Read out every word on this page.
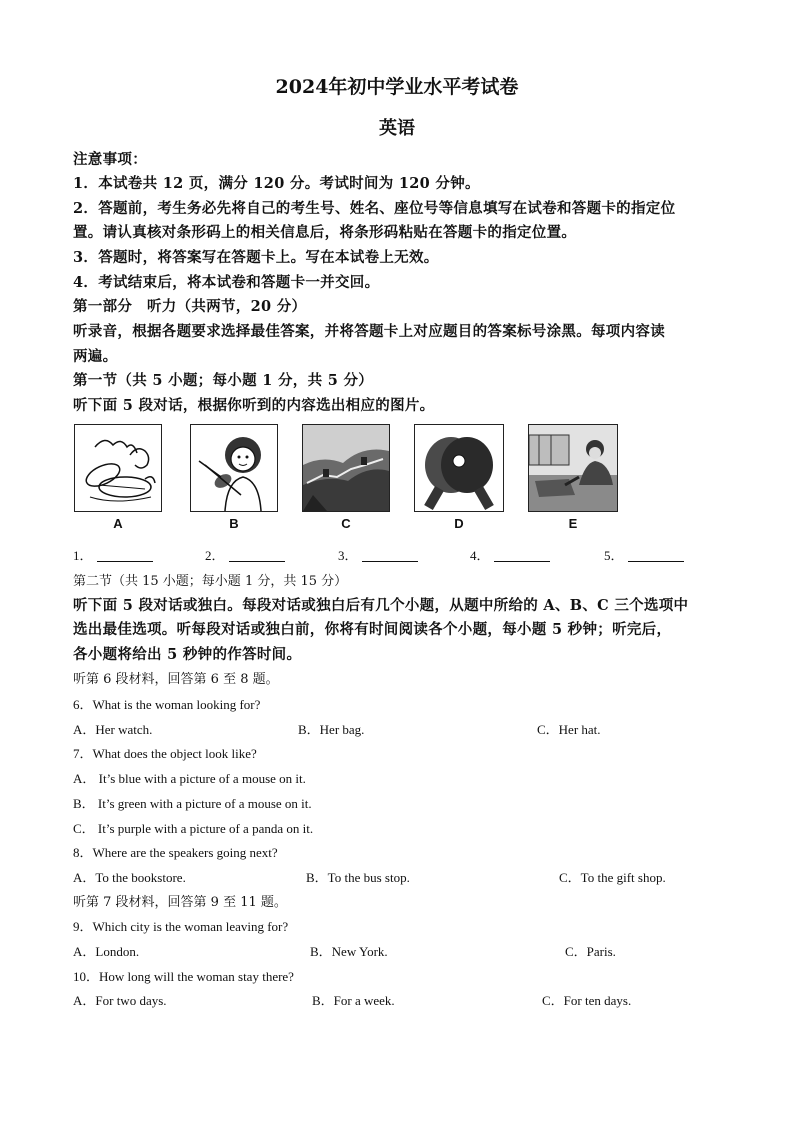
2024年初中学业水平考试卷
英语
注意事项：
1．本试卷共 12 页，满分 120 分。考试时间为 120 分钟。
2．答题前，考生务必先将自己的考生号、姓名、座位号等信息填写在试卷和答题卡的指定位
置。请认真核对条形码上的相关信息后，将条形码粘贴在答题卡的指定位置。
3．答题时，将答案写在答题卡上。写在本试卷上无效。
4．考试结束后，将本试卷和答题卡一并交回。
第一部分　听力（共两节，20 分）
听录音，根据各题要求选择最佳答案，并将答题卡上对应题目的答案标号涂黑。每项内容读
两遍。
第一节（共 5 小题；每小题 1 分，共 5 分）
听下面 5 段对话，根据你听到的内容选出相应的图片。
A	B	C	D	E
1．	2．	3．	4．	5．
第二节（共 15 小题；每小题 1 分，共 15 分）
听下面 5 段对话或独白。每段对话或独白后有几个小题，从题中所给的 A、B、C 三个选项中
选出最佳选项。听每段对话或独白前，你将有时间阅读各个小题，每小题 5 秒钟；听完后，
各小题将给出 5 秒钟的作答时间。
听第 6 段材料，回答第 6 至 8 题。
6．What is the woman looking for?
A．Her watch.	B．Her bag.	C．Her hat.
7．What does the object look like?
A． It’s blue with a picture of a mouse on it.
B． It’s green with a picture of a mouse on it.
C． It’s purple with a picture of a panda on it.
8．Where are the speakers going next?
A．To the bookstore.	B．To the bus stop.	C．To the gift shop.
听第 7 段材料，回答第 9 至 11 题。
9．Which city is the woman leaving for?
A．London.	B．New York.	C．Paris.
10．How long will the woman stay there?
A．For two days.	B．For a week.	C．For ten days.
